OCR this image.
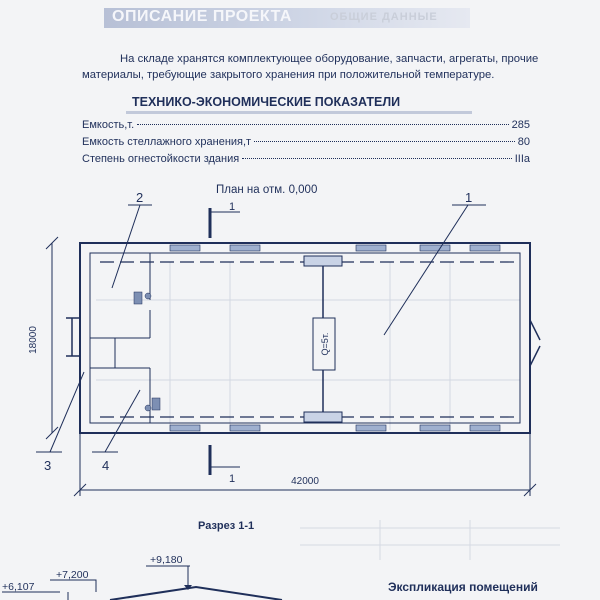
ОБЩИЕ ДАННЫЕ
ОПИСАНИЕ ПРОЕКТА
На складе хранятся комплектующее оборудование, запчасти, агрегаты, прочие материалы, требующие закрытого хранения при положительной температуре.
ТЕХНИКО-ЭКОНОМИЧЕСКИЕ ПОКАЗАТЕЛИ
Емкость,т.	285
Емкость стеллажного хранения,т	80
Степень огнестойкости здания	IIIa
План на отм. 0,000
Q=5т.
1
1
1
2
3	4
18000
42000
+9,180
+7,200
+6,107
Разрез 1-1
Экспликация помещений
